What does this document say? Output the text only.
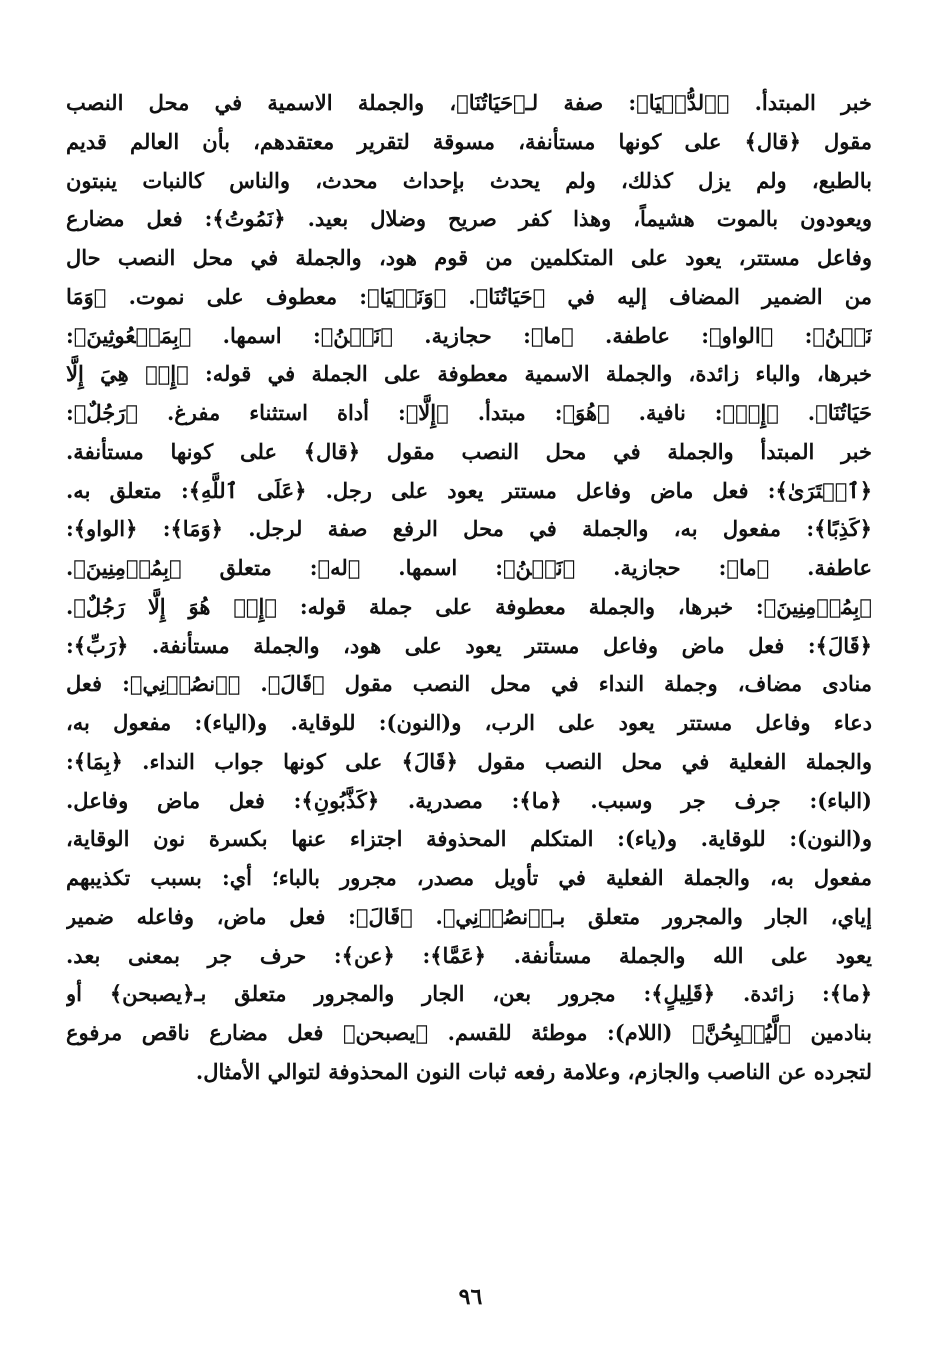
خبر المبتدأ. ﴿ٱلدُّنۡيَا﴾: صفة لـ﴿حَيَاتُنَا﴾، والجملة الاسمية في محل النصب
مقول ﴿قال﴾ على كونها مستأنفة، مسوقة لتقرير معتقدهم، بأن العالم قديم
بالطبع، ولم يزل كذلك، ولم يحدث بإحداث محدث، والناس كالنبات ينبتون
ويعودون بالموت هشيماً، وهذا كفر صريح وضلال بعيد. ﴿نَمُوتُ﴾: فعل مضارع
وفاعل مستتر، يعود على المتكلمين من قوم هود، والجملة في محل النصب حال
من الضمير المضاف إليه في ﴿حَيَاتُنَا﴾. ﴿وَنَحۡيَا﴾: معطوف على نموت. ﴿وَمَا
نَحۡنُ﴾: ﴿الواو﴾: عاطفة. ﴿ما﴾: حجازية. ﴿نَحۡنُ﴾: اسمها. ﴿بِمَبۡعُوثِينَ﴾:
خبرها، والباء زائدة، والجملة الاسمية معطوفة على الجملة في قوله: ﴿إِنۡ هِيَ إِلَّا
حَيَاتُنَا﴾. ﴿إِنۡ﴾: نافية. ﴿هُوَ﴾: مبتدأ. ﴿إِلَّا﴾: أداة استثناء مفرغ. ﴿رَجُلٌ﴾:
خبر المبتدأ والجملة في محل النصب مقول ﴿قال﴾ على كونها مستأنفة.
﴿ٱفۡتَرَىٰ﴾: فعل ماض وفاعل مستتر يعود على رجل. ﴿عَلَى ٱللَّهِ﴾: متعلق به.
﴿كَذِبًا﴾: مفعول به، والجملة في محل الرفع صفة لرجل. ﴿وَمَا﴾: ﴿الواو﴾:
عاطفة. ﴿ما﴾: حجازية. ﴿نَحۡنُ﴾: اسمها. ﴿له﴾: متعلق ﴿بِمُؤۡمِنِينَ﴾.
﴿بِمُؤۡمِنِينَ﴾: خبرها، والجملة معطوفة على جملة قوله: ﴿إِنۡ هُوَ إِلَّا رَجُلٌ﴾.
﴿قَالَ﴾: فعل ماض وفاعل مستتر يعود على هود، والجملة مستأنفة. ﴿رَبِّ﴾:
منادى مضاف، وجملة النداء في محل النصب مقول ﴿قَالَ﴾. ﴿ٱنصُرۡنِي﴾: فعل
دعاء وفاعل مستتر يعود على الرب، و(النون): للوقاية. و(الياء): مفعول به،
والجملة الفعلية في محل النصب مقول ﴿قَالَ﴾ على كونها جواب النداء. ﴿بِمَا﴾:
(الباء): جرف جر وسبب. ﴿ما﴾: مصدرية. ﴿كَذَّبُونِ﴾: فعل ماض وفاعل.
و(النون): للوقاية. و(ياء): المتكلم المحذوفة اجتزاء عنها بكسرة نون الوقاية،
مفعول به، والجملة الفعلية في تأويل مصدر، مجرور بالباء؛ أي: بسبب تكذيبهم
إياي، الجار والمجرور متعلق بـ﴿ٱنصُرۡنِي﴾. ﴿قَالَ﴾: فعل ماض، وفاعله ضمير
يعود على الله والجملة مستأنفة. ﴿عَمَّا﴾: ﴿عن﴾: حرف جر بمعنى بعد.
﴿ما﴾: زائدة. ﴿قَلِيلٍ﴾: مجرور بعن، الجار والمجرور متعلق بـ﴿يصبحن﴾ أو
بنادمين ﴿لَّيُصۡبِحُنَّ﴾ (اللام): موطئة للقسم. ﴿يصبحن﴾ فعل مضارع ناقص مرفوع
لتجرده عن الناصب والجازم، وعلامة رفعه ثبات النون المحذوفة لتوالي الأمثال.
٩٦
